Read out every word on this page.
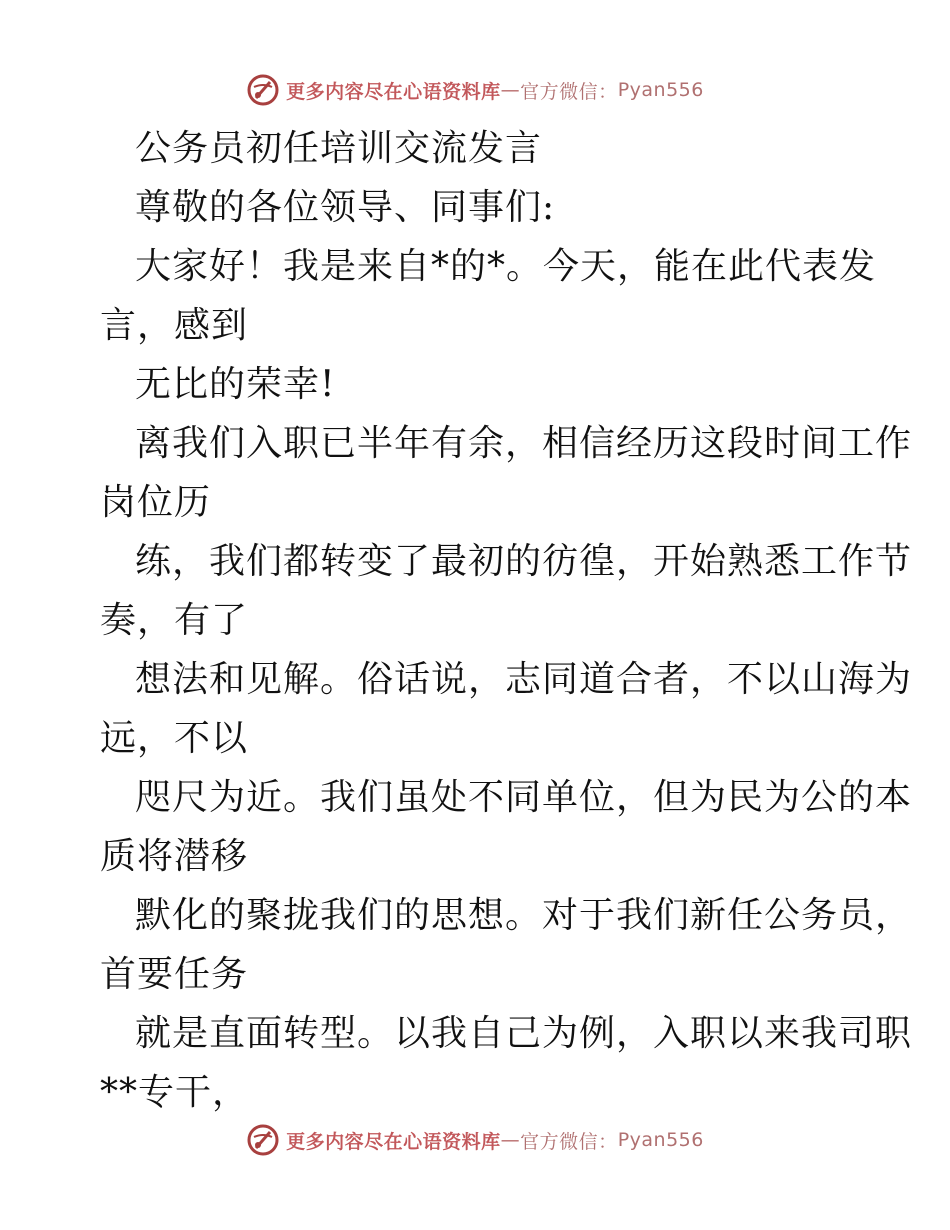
更多内容尽在心语资料库 — 官方微信： Pyan556
公务员初任培训交流发言
尊敬的各位领导、同事们:
大家好！我是来自*的*。今天，能在此代表发
言，感到
无比的荣幸!
离我们入职已半年有余，相信经历这段时间工作
岗位历
练，我们都转变了最初的彷徨，开始熟悉工作节
奏，有了
想法和见解。俗话说，志同道合者，不以山海为
远，不以
咫尺为近。我们虽处不同单位，但为民为公的本
质将潜移
默化的聚拢我们的思想。对于我们新任公务员，
首要任务
就是直面转型。以我自己为例，入职以来我司职
**专干，
更多内容尽在心语资料库 — 官方微信： Pyan556
